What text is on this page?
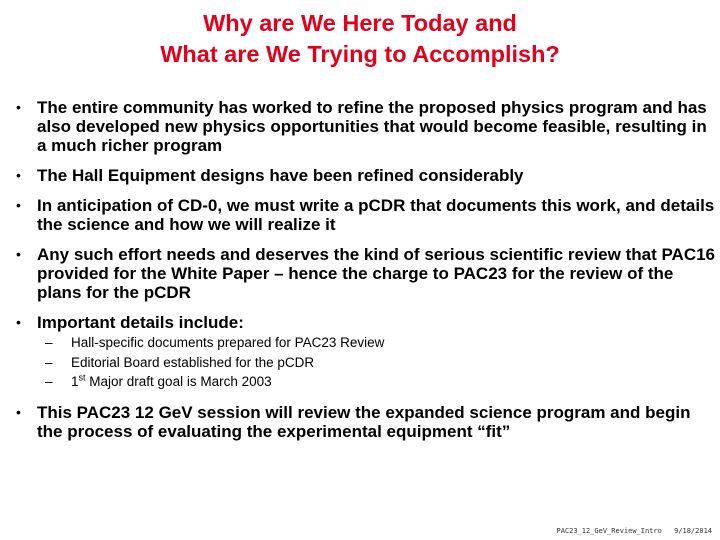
Why are We Here Today and
What are We Trying to Accomplish?
• The entire community has worked to refine the proposed physics program and has also developed new physics opportunities that would become feasible, resulting in a much richer program
• The Hall Equipment designs have been refined considerably
• In anticipation of CD-0, we must write a pCDR that documents this work, and details the science and how we will realize it
• Any such effort needs and deserves the kind of serious scientific review that PAC16 provided for the White Paper – hence the charge to PAC23 for the review of the plans for the pCDR
• Important details include:
– Hall-specific documents prepared for PAC23 Review
– Editorial Board established for the pCDR
– 1st Major draft goal is March 2003
• This PAC23 12 GeV session will review the expanded science program and begin the process of evaluating the experimental equipment “fit”
PAC23_12_GeV_Review_Intro 9/18/2014
